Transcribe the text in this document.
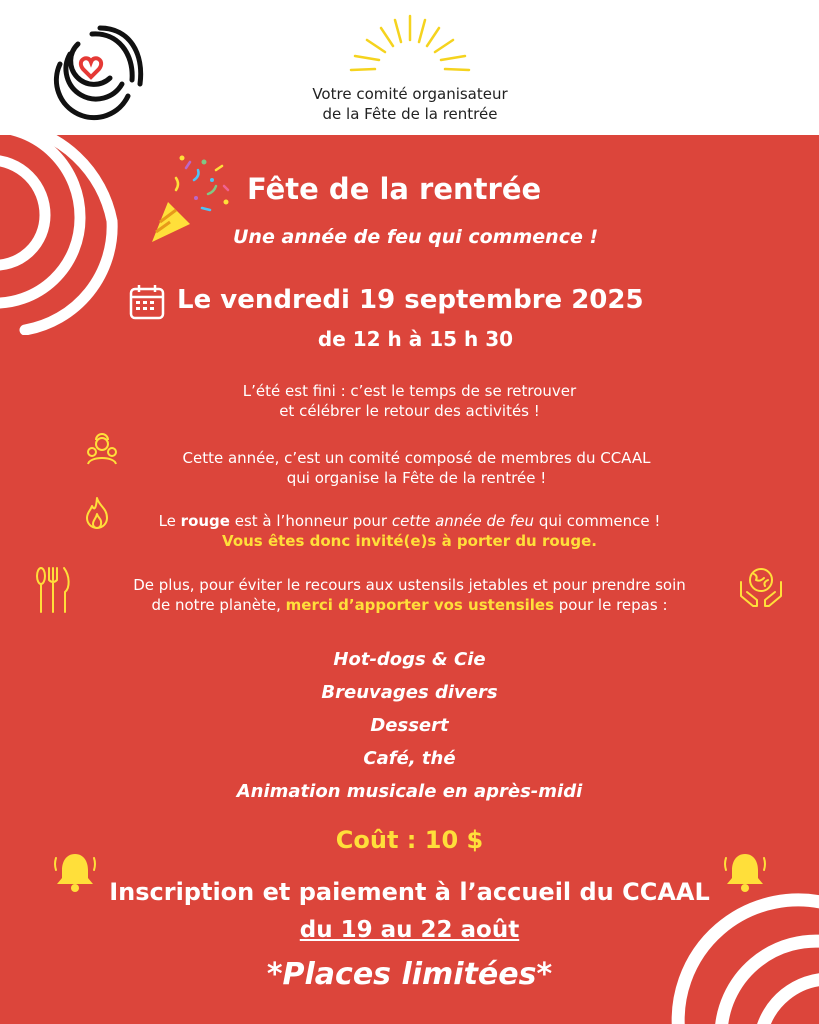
Votre comité organisateur
de la Fête de la rentrée
Fête de la rentrée
Une année de feu qui commence !
Le vendredi 19 septembre 2025
de 12 h à 15 h 30
L’été est fini : c’est le temps de se retrouver
et célébrer le retour des activités !
Cette année, c’est un comité composé de membres du CCAAL
qui organise la Fête de la rentrée !
Le rouge est à l’honneur pour cette année de feu qui commence !
Vous êtes donc invité(e)s à porter du rouge.
De plus, pour éviter le recours aux ustensils jetables et pour prendre soin
de notre planète, merci d’apporter vos ustensiles pour le repas :
Hot-dogs & Cie
Breuvages divers
Dessert
Café, thé
Animation musicale en après-midi
Coût : 10 $
Inscription et paiement à l’accueil du CCAAL
du 19 au 22 août
*Places limitées*
